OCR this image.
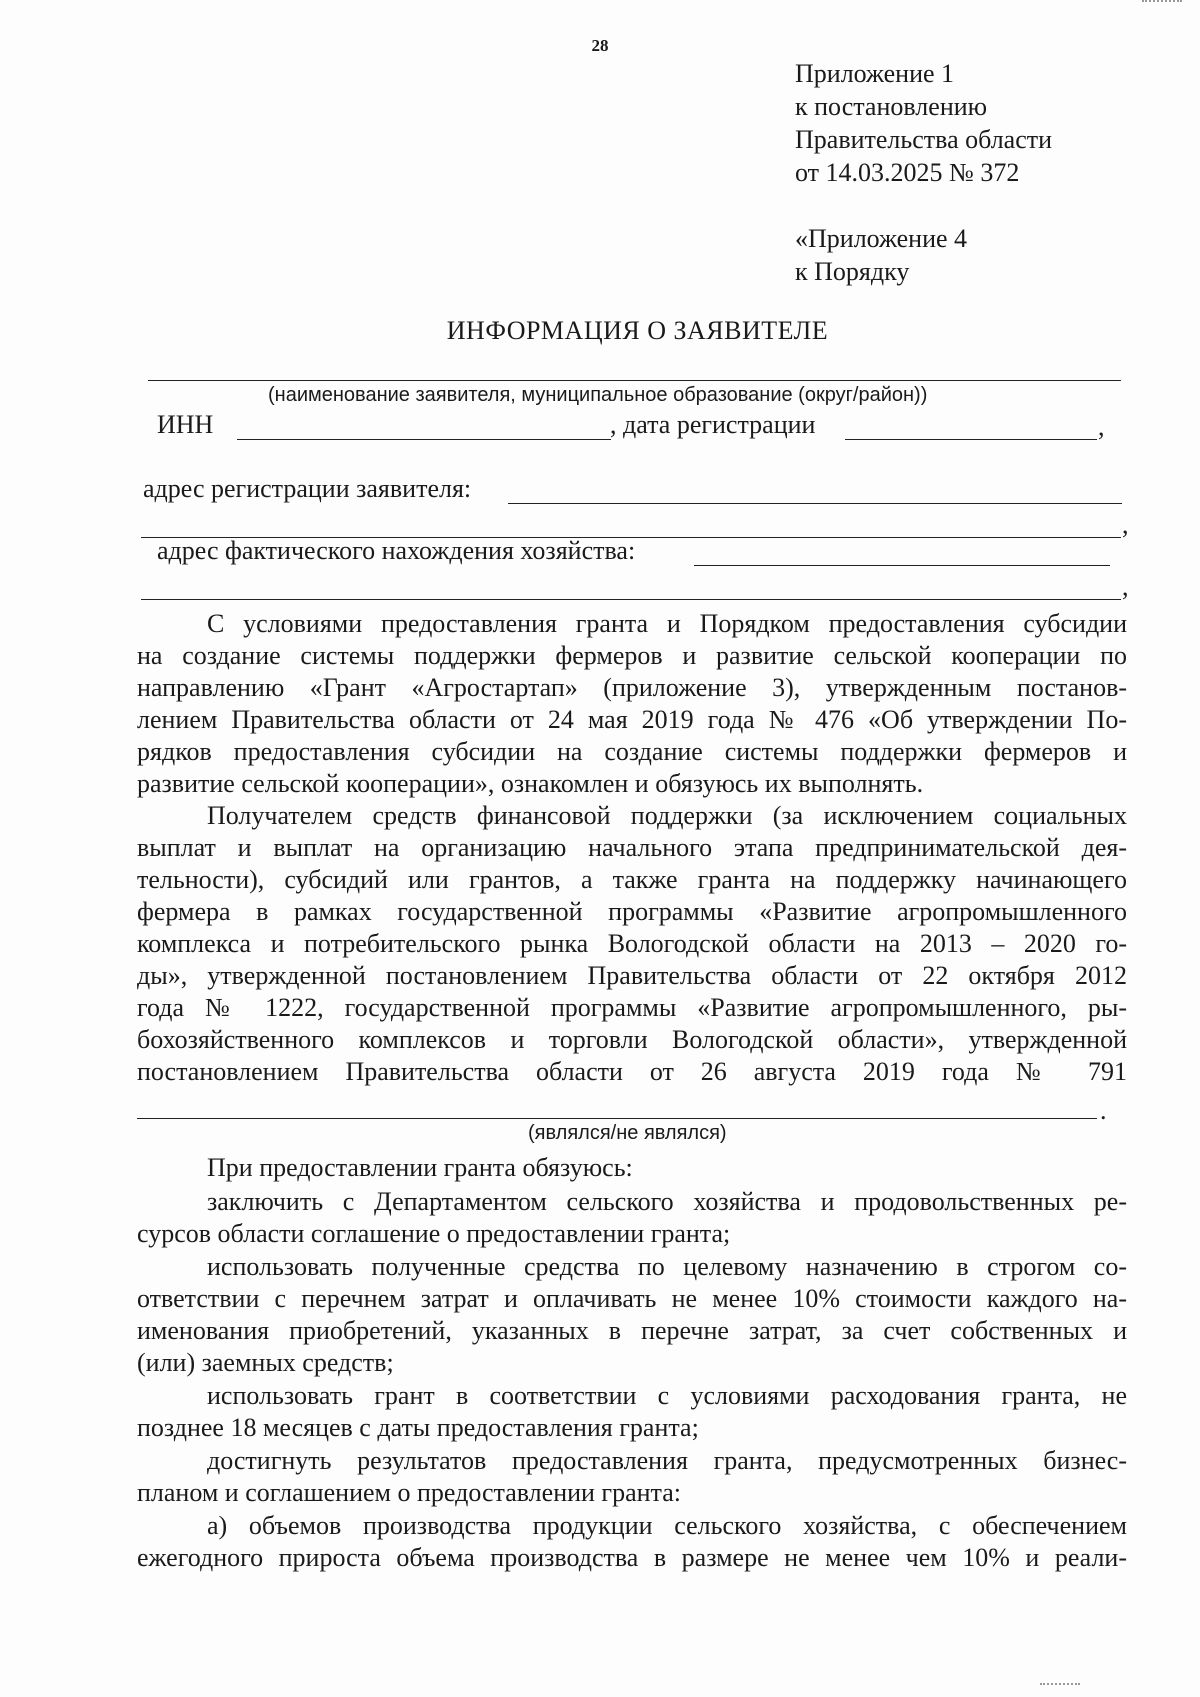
28
Приложение 1
к постановлению
Правительства области
от 14.03.2025 № 372
«Приложение 4
к Порядку
ИНФОРМАЦИЯ О ЗАЯВИТЕЛЕ
(наименование заявителя, муниципальное образование (округ/район))
ИНН	, дата регистрации	,
адрес регистрации заявителя:
,
адрес фактического нахождения хозяйства:
,
С условиями предоставления гранта и Порядком предоставления субсидии
на создание системы поддержки фермеров и развитие сельской кооперации по
направлению «Грант «Агростартап» (приложение 3), утвержденным постанов-
лением Правительства области от 24 мая 2019 года № 476 «Об утверждении По-
рядков предоставления субсидии на создание системы поддержки фермеров и
развитие сельской кооперации», ознакомлен и обязуюсь их выполнять.
Получателем средств финансовой поддержки (за исключением социальных
выплат и выплат на организацию начального этапа предпринимательской дея-
тельности), субсидий или грантов, а также гранта на поддержку начинающего
фермера в рамках государственной программы «Развитие агропромышленного
комплекса и потребительского рынка Вологодской области на 2013 – 2020 го-
ды», утвержденной постановлением Правительства области от 22 октября 2012
года № 1222, государственной программы «Развитие агропромышленного, ры-
бохозяйственного комплексов и торговли Вологодской области», утвержденной
постановлением Правительства области от 26 августа 2019 года № 791
.
(являлся/не являлся)
При предоставлении гранта обязуюсь:
заключить с Департаментом сельского хозяйства и продовольственных ре-
сурсов области соглашение о предоставлении гранта;
использовать полученные средства по целевому назначению в строгом со-
ответствии с перечнем затрат и оплачивать не менее 10% стоимости каждого на-
именования приобретений, указанных в перечне затрат, за счет собственных и
(или) заемных средств;
использовать грант в соответствии с условиями расходования гранта, не
позднее 18 месяцев с даты предоставления гранта;
достигнуть результатов предоставления гранта, предусмотренных бизнес-
планом и соглашением о предоставлении гранта:
а) объемов производства продукции сельского хозяйства, с обеспечением
ежегодного прироста объема производства в размере не менее чем 10% и реали-
